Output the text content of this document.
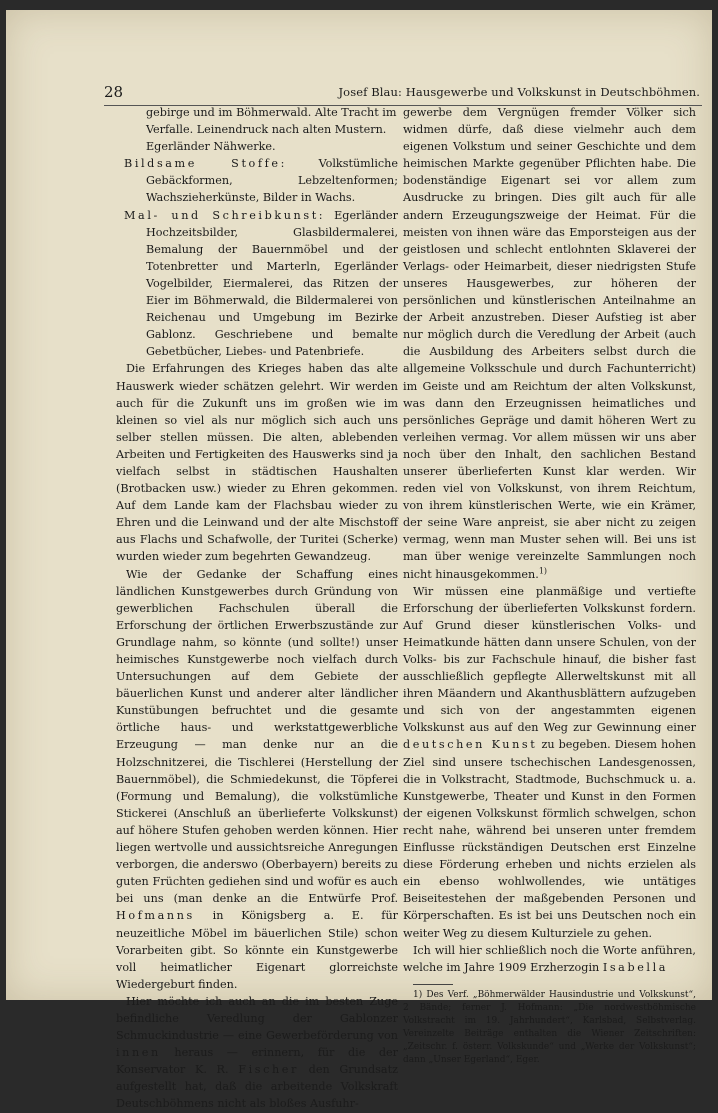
28	Josef Blau: Hausgewerbe und Volkskunst in Deutschböhmen.

gebirge und im Böhmerwald. Alte Tracht im

Verfalle. Leinendruck nach alten Mustern.

Egerländer Nähwerke.

Bildsame Stoffe:	Volkstümliche Gebäckformen, Lebzeltenformen; Wachszieherkünste, Bilder in Wachs.

Mal- und Schreibkunst: Egerländer Hochzeitsbilder, Glasbildermalerei, Bemalung der Bauernmöbel und der Totenbretter und Marterln, Egerländer Vogelbilder, Eiermalerei, das Ritzen der Eier im Böhmerwald, die Bildermalerei von Reichenau und Umgebung im Bezirke Gablonz. Geschriebene und bemalte Gebetbücher, Liebes- und Patenbriefe.

Die Erfahrungen des Krieges haben das alte Hauswerk wieder schätzen gelehrt. Wir werden auch für die Zukunft uns im großen wie im kleinen so viel als nur möglich sich auch uns selber stellen müssen. Die alten, ablebenden Arbeiten und Fertigkeiten des Hauswerks sind ja vielfach selbst in städtischen Haushalten (Brotbacken usw.) wieder zu Ehren gekommen. Auf dem Lande kam der Flachsbau wieder zu Ehren und die Leinwand und der alte Mischstoff aus Flachs und Schafwolle, der Turitei (Scherke) wurden wieder zum begehrten Gewandzeug.

Wie der Gedanke der Schaffung eines ländlichen Kunstgewerbes durch Gründung von gewerblichen Fachschulen überall die Erforschung der örtlichen Erwerbszustände zur Grundlage nahm, so könnte (und sollte!) unser heimisches Kunstgewerbe noch vielfach durch Untersuchungen auf dem Gebiete der bäuerlichen Kunst und anderer alter ländlicher Kunstübungen befruchtet und die gesamte örtliche haus- und werkstattgewerbliche Erzeugung — man denke nur an die Holzschnitzerei, die Tischlerei (Herstellung der Bauernmöbel), die Schmiedekunst, die Töpferei (Formung und Bemalung), die volkstümliche Stickerei (Anschluß an überlieferte Volkskunst) auf höhere Stufen gehoben werden können. Hier liegen wertvolle und aussichtsreiche Anregungen verborgen, die anderswo (Oberbayern) bereits zu guten Früchten gediehen sind und wofür es auch bei uns (man denke an die Entwürfe Prof. Hofmanns in Königsberg a. E. für neuzeitliche Möbel im bäuerlichen Stile) schon Vorarbeiten gibt. So könnte ein Kunstgewerbe voll heimatlicher Eigenart glorreichste Wiedergeburt finden.

Hier möchte ich auch an die im besten Zuge befindliche Veredlung der Gablonzer Schmuckindustrie — eine Gewerbeförderung von innen heraus — erinnern, für die der Konservator K. R. Fischer den Grundsatz aufgestellt hat, daß die arbeitende Volkskraft Deutschböhmens nicht als bloßes Ausfuhr-

gewerbe dem Vergnügen fremder Völker sich widmen dürfe, daß diese vielmehr auch dem eigenen Volkstum und seiner Geschichte und dem heimischen Markte gegenüber Pflichten habe. Die bodenständige Eigenart sei vor allem zum Ausdrucke zu bringen. Dies gilt auch für alle andern Erzeugungszweige der Heimat. Für die meisten von ihnen wäre das Emporsteigen aus der geistlosen und schlecht entlohnten Sklaverei der Verlags- oder Heimarbeit, dieser niedrigsten Stufe unseres Hausgewerbes, zur höheren der persönlichen und künstlerischen Anteilnahme an der Arbeit anzustreben. Dieser Aufstieg ist aber nur möglich durch die Veredlung der Arbeit (auch die Ausbildung des Arbeiters selbst durch die allgemeine Volksschule und durch Fachunterricht) im Geiste und am Reichtum der alten Volkskunst, was dann den Erzeugnissen heimatliches und persönliches Gepräge und damit höheren Wert zu verleihen vermag. Vor allem müssen wir uns aber noch über den Inhalt, den sachlichen Bestand unserer überlieferten Kunst klar werden. Wir reden viel von Volkskunst, von ihrem Reichtum, von ihrem künstlerischen Werte, wie ein Krämer, der seine Ware anpreist, sie aber nicht zu zeigen vermag, wenn man Muster sehen will. Bei uns ist man über wenige vereinzelte Sammlungen noch nicht hinausgekommen.$^{1)}$

Wir müssen eine planmäßige und vertiefte Erforschung der überlieferten Volkskunst fordern. Auf Grund dieser künstlerischen Volks- und Heimatkunde hätten dann unsere Schulen, von der Volks- bis zur Fachschule hinauf, die bisher fast ausschließlich gepflegte Allerweltskunst mit all ihren Mäandern und Akanthusblättern aufzugeben und sich von der angestammten eigenen Volkskunst aus auf den Weg zur Gewinnung einer deutschen Kunst zu begeben. Diesem hohen Ziel sind unsere tschechischen Landesgenossen, die in Volkstracht, Stadtmode, Buchschmuck u. a. Kunstgewerbe, Theater und Kunst in den Formen der eigenen Volkskunst förmlich schwelgen, schon recht nahe, während bei unseren unter fremdem Einflusse rückständigen Deutschen erst Einzelne diese Förderung erheben und nichts erzielen als ein ebenso wohlwollendes, wie untätiges Beiseitestehen der maßgebenden Personen und Körperschaften. Es ist bei uns Deutschen noch ein weiter Weg zu diesem Kulturziele zu gehen.

Ich will hier schließlich noch die Worte anführen, welche im Jahre 1909 Erzherzogin Isabella

1) Des Verf. „Böhmerwälder Hausindustrie und Volkskunst“, 2 Bände; ferner J. Hofmann: „Die nordwestböhmische Volkstracht im 19. Jahrhundert“, Karlsbad, Selbstverlag. Vereinzelte Beiträge enthalten die Wiener Zeitschriften: „Zeitschr. f. österr. Volkskunde“ und „Werke der Volkskunst“; dann „Unser Egerland“, Eger.
